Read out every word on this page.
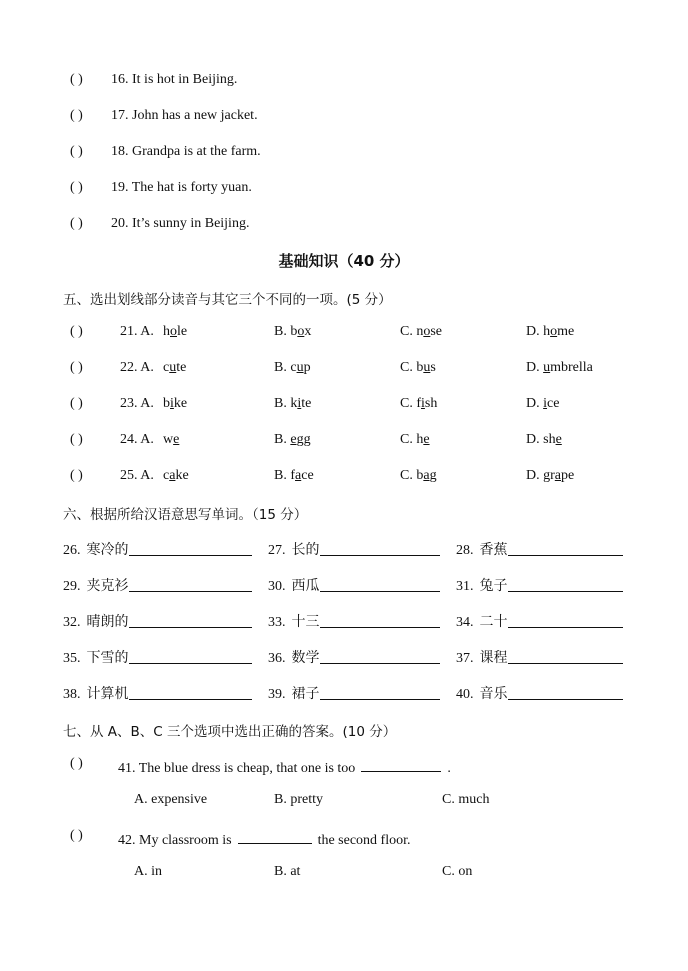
( ) 16. It is hot in Beijing.
( ) 17. John has a new jacket.
( ) 18. Grandpa is at the farm.
( ) 19. The hat is forty yuan.
( ) 20. It’s sunny in Beijing.
基础知识（40 分）
五、选出划线部分读音与其它三个不同的一项。(5 分）
( )	21. A. hole	B. box	C. nose	D. home
( )	22. A. cute	B. cup	C. bus	D. umbrella
( )	23. A. bike	B. kite	C. fish	D. ice
( )	24. A. we	B. egg	C. he	D. she
( )	25. A. cake	B. face	C. bag	D. grape
六、根据所给汉语意思写单词。（15 分）
26. 寒冷的	27. 长的	28. 香蕉
29. 夹克衫	30. 西瓜	31. 兔子
32. 晴朗的	33. 十三	34. 二十
35. 下雪的	36. 数学	37. 课程
38. 计算机	39. 裙子	40. 音乐
七、从 A、B、C 三个选项中选出正确的答案。(10 分）
( )	41. The blue dress is cheap, that one is too	.
A. expensive	B. pretty	C. much
( )	42. My classroom is	the second floor.
A. in	B. at	C. on
